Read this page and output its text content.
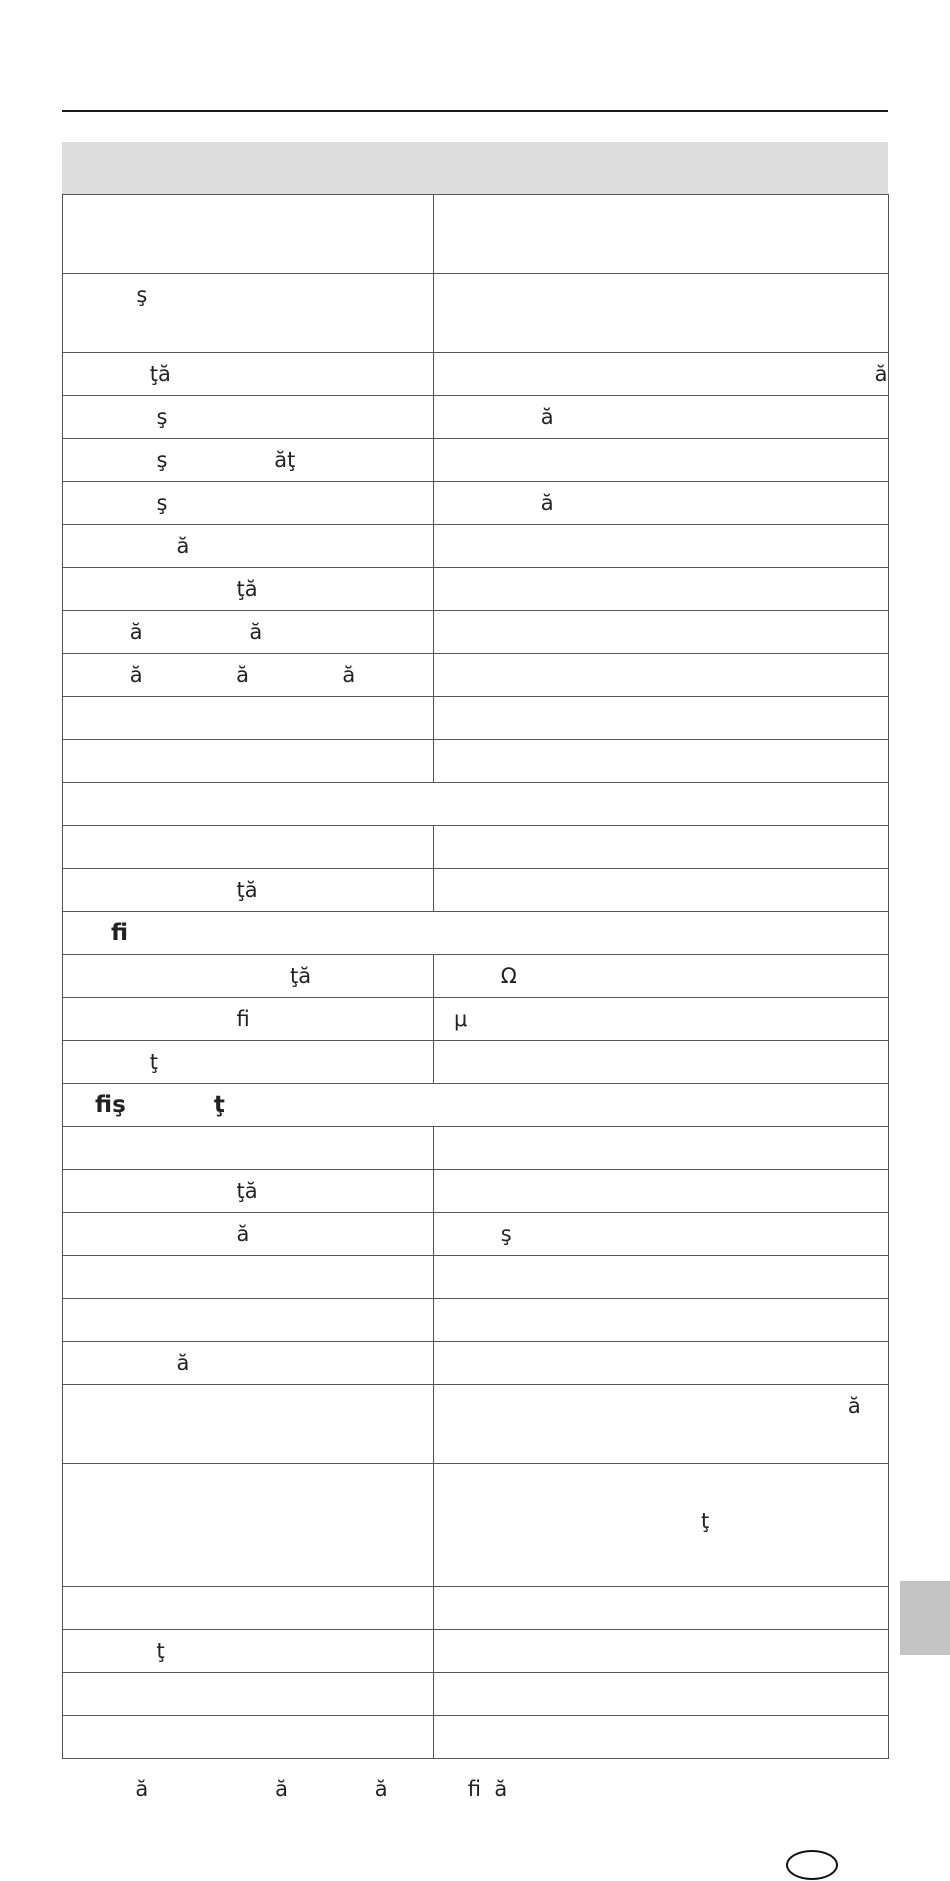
ş	
ţă	ă
ş	ă
ş                ăţ	
ş	ă
ă	
ţă	
ă                ă	
ă              ă              ă	

ţă	
fi	
ţă	Ω
fi	μ
ţ	
fiş           ţ	

ţă	
ă	ş

ă	
	ă
	ţ

ţ	

ă                   ă             ă            fi  ă
